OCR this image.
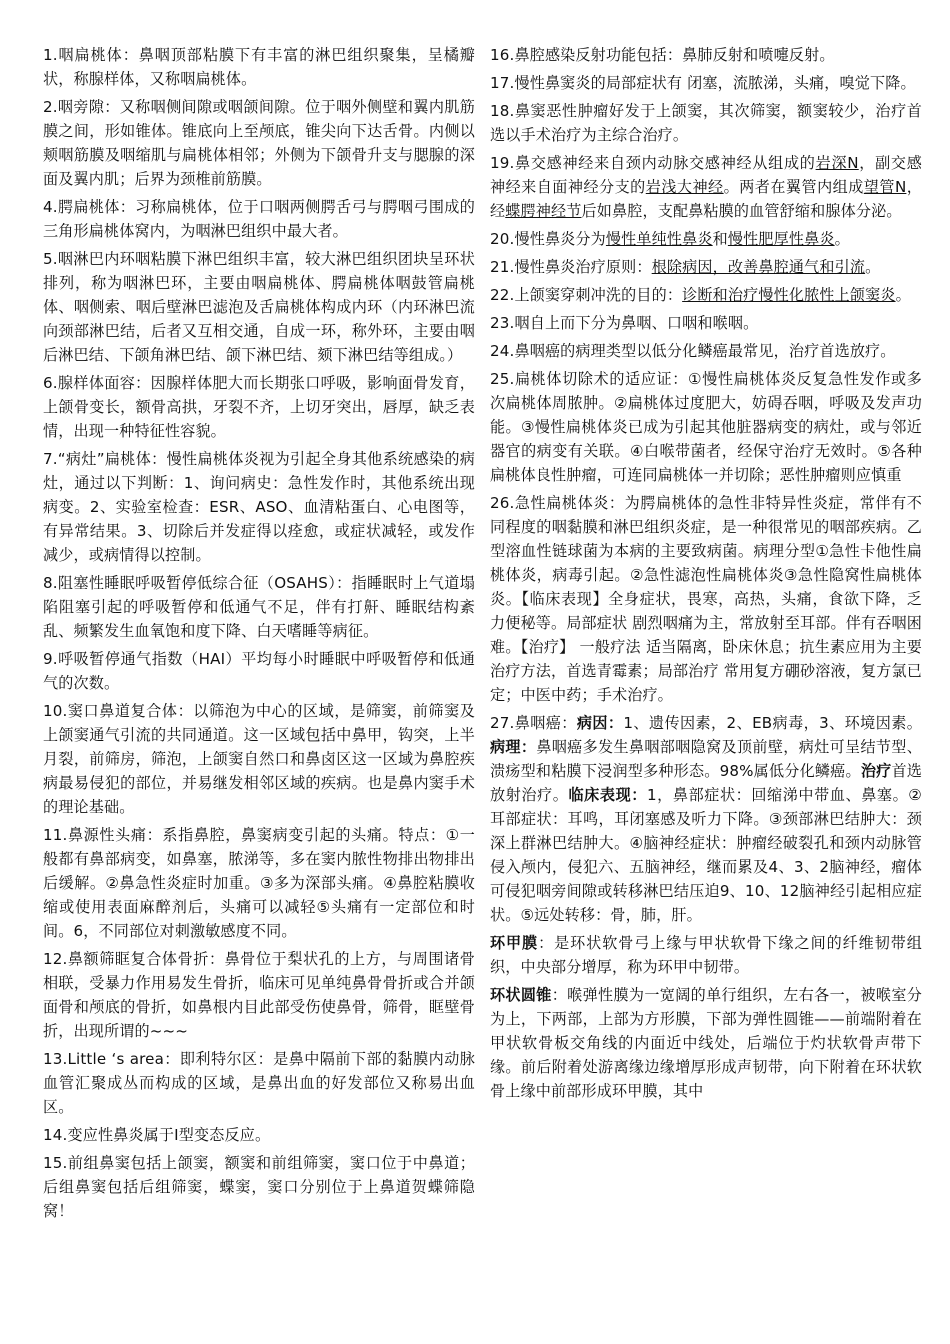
1.咽扁桃体：鼻咽顶部粘膜下有丰富的淋巴组织聚集，呈橘瓣状，称腺样体，又称咽扁桃体。

2.咽旁隙：又称咽侧间隙或咽颌间隙。位于咽外侧壁和翼内肌筋膜之间，形如锥体。锥底向上至颅底，锥尖向下达舌骨。内侧以颊咽筋膜及咽缩肌与扁桃体相邻；外侧为下颌骨升支与腮腺的深面及翼内肌；后界为颈椎前筋膜。

4.腭扁桃体：习称扁桃体，位于口咽两侧腭舌弓与腭咽弓围成的三角形扁桃体窝内，为咽淋巴组织中最大者。

5.咽淋巴内环咽粘膜下淋巴组织丰富，较大淋巴组织团块呈环状排列，称为咽淋巴环，主要由咽扁桃体、腭扁桃体咽鼓管扁桃体、咽侧索、咽后壁淋巴滤泡及舌扁桃体构成内环（内环淋巴流向颈部淋巴结，后者又互相交通，自成一环，称外环，主要由咽后淋巴结、下颌角淋巴结、颌下淋巴结、颏下淋巴结等组成。）

6.腺样体面容：因腺样体肥大而长期张口呼吸，影响面骨发育，上颌骨变长，额骨高拱，牙裂不齐，上切牙突出，唇厚，缺乏表情，出现一种特征性容貌。

7.“病灶”扁桃体：慢性扁桃体炎视为引起全身其他系统感染的病灶，通过以下判断：1、询问病史：急性发作时，其他系统出现病变。2、实验室检查：ESR、ASO、血清粘蛋白、心电图等，有异常结果。3、切除后并发症得以痊愈，或症状减轻，或发作减少，或病情得以控制。

8.阻塞性睡眠呼吸暂停低综合征（OSAHS）：指睡眠时上气道塌陷阻塞引起的呼吸暂停和低通气不足，伴有打鼾、睡眠结构紊乱、频繁发生血氧饱和度下降、白天嗜睡等病征。

9.呼吸暂停通气指数（HAI）平均每小时睡眠中呼吸暂停和低通气的次数。

10.窦口鼻道复合体：以筛泡为中心的区域，是筛窦，前筛窦及上颌窦通气引流的共同通道。这一区域包括中鼻甲，钩突，上半月裂，前筛房，筛泡，上颌窦自然口和鼻卤区这一区域为鼻腔疾病最易侵犯的部位，并易继发相邻区域的疾病。也是鼻内窦手术的理论基础。

11.鼻源性头痛：系指鼻腔，鼻窦病变引起的头痛。特点：①一般都有鼻部病变，如鼻塞，脓涕等，多在窦内脓性物排出物排出后缓解。②鼻急性炎症时加重。③多为深部头痛。④鼻腔粘膜收缩或使用表面麻醉剂后，头痛可以减轻⑤头痛有一定部位和时间。6，不同部位对刺激敏感度不同。

12.鼻额筛眶复合体骨折：鼻骨位于梨状孔的上方，与周围诸骨相联，受暴力作用易发生骨折，临床可见单纯鼻骨骨折或合并颌面骨和颅底的骨折，如鼻根内目此部受伤使鼻骨，筛骨，眶壁骨折，出现所谓的~~~

13.Little ‘s area：即利特尔区：是鼻中隔前下部的黏膜内动脉血管汇聚成丛而构成的区域，是鼻出血的好发部位又称易出血区。

14.变应性鼻炎属于Ⅰ型变态反应。

15.前组鼻窦包括上颌窦，额窦和前组筛窦，窦口位于中鼻道；后组鼻窦包括后组筛窦，蝶窦，窦口分别位于上鼻道贺蝶筛隐窝！

16.鼻腔感染反射功能包括：鼻肺反射和喷嚏反射。

17.慢性鼻窦炎的局部症状有 闭塞，流脓涕，头痛，嗅觉下降。

18.鼻窦恶性肿瘤好发于上颌窦，其次筛窦，额窦较少，治疗首选以手术治疗为主综合治疗。

19.鼻交感神经来自颈内动脉交感神经从组成的岩深N，副交感神经来自面神经分支的岩浅大神经。两者在翼管内组成望管N，经蝶腭神经节后如鼻腔，支配鼻粘膜的血管舒缩和腺体分泌。

20.慢性鼻炎分为慢性单纯性鼻炎和慢性肥厚性鼻炎。

21.慢性鼻炎治疗原则：根除病因，改善鼻腔通气和引流。

22.上颌窦穿刺冲洗的目的：诊断和治疗慢性化脓性上颌窦炎。

23.咽自上而下分为鼻咽、口咽和喉咽。

24.鼻咽癌的病理类型以低分化鳞癌最常见，治疗首选放疗。

25.扁桃体切除术的适应证：①慢性扁桃体炎反复急性发作或多次扁桃体周脓肿。②扁桃体过度肥大，妨碍吞咽，呼吸及发声功能。③慢性扁桃体炎已成为引起其他脏器病变的病灶，或与邻近器官的病变有关联。④白喉带菌者，经保守治疗无效时。⑤各种扁桃体良性肿瘤，可连同扁桃体一并切除；恶性肿瘤则应慎重

26.急性扁桃体炎：为腭扁桃体的急性非特异性炎症，常伴有不同程度的咽黏膜和淋巴组织炎症，是一种很常见的咽部疾病。乙型溶血性链球菌为本病的主要致病菌。病理分型①急性卡他性扁桃体炎，病毒引起。②急性滤泡性扁桃体炎③急性隐窝性扁桃体炎。【临床表现】全身症状，畏寒，高热，头痛，食欲下降，乏力便秘等。局部症状 剧烈咽痛为主，常放射至耳部。伴有吞咽困难。【治疗】 一般疗法 适当隔离，卧床休息；抗生素应用为主要治疗方法，首选青霉素；局部治疗 常用复方硼砂溶液，复方氯已定；中医中药；手术治疗。

27.鼻咽癌：病因：1、遗传因素，2、EB病毒，3、环境因素。病理：鼻咽癌多发生鼻咽部咽隐窝及顶前壁，病灶可呈结节型、溃疡型和粘膜下浸润型多种形态。98%属低分化鳞癌。治疗首选放射治疗。临床表现：1，鼻部症状：回缩涕中带血、鼻塞。②耳部症状：耳鸣，耳闭塞感及听力下降。③颈部淋巴结肿大：颈深上群淋巴结肿大。④脑神经症状：肿瘤经破裂孔和颈内动脉管侵入颅内，侵犯六、五脑神经，继而累及4、3、2脑神经，瘤体可侵犯咽旁间隙或转移淋巴结压迫9、10、12脑神经引起相应症状。⑤远处转移：骨，肺，肝。

环甲膜：是环状软骨弓上缘与甲状软骨下缘之间的纤维韧带组织，中央部分增厚，称为环甲中韧带。

环状圆锥：喉弹性膜为一宽阔的单行组织，左右各一，被喉室分为上，下两部，上部为方形膜，下部为弹性圆锥——前端附着在甲状软骨板交角线的内面近中线处，后端位于灼状软骨声带下缘。前后附着处游离缘边缘增厚形成声韧带，向下附着在环状软骨上缘中前部形成环甲膜，其中
